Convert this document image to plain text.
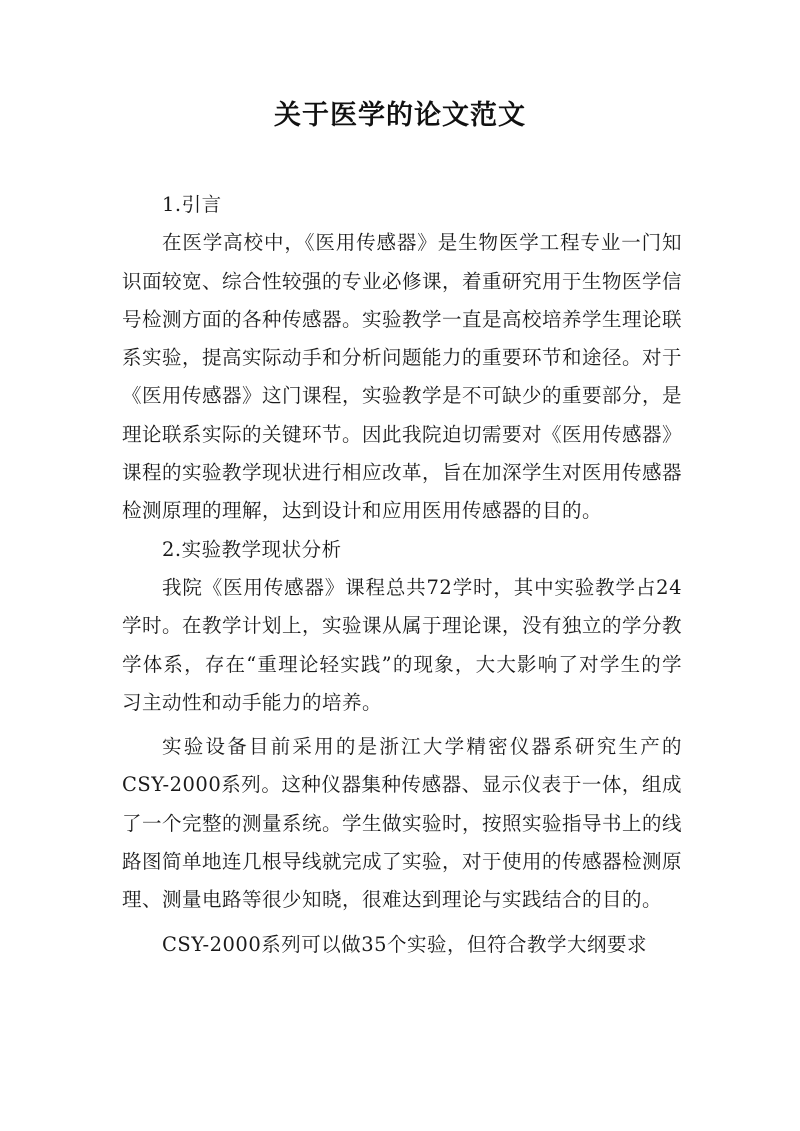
关于医学的论文范文

1.引言

在医学高校中，《医用传感器》是生物医学工程专业一门知识面较宽、综合性较强的专业必修课，着重研究用于生物医学信号检测方面的各种传感器。实验教学一直是高校培养学生理论联系实验，提高实际动手和分析问题能力的重要环节和途径。对于《医用传感器》这门课程，实验教学是不可缺少的重要部分，是理论联系实际的关键环节。因此我院迫切需要对《医用传感器》课程的实验教学现状进行相应改革，旨在加深学生对医用传感器检测原理的理解，达到设计和应用医用传感器的目的。

2.实验教学现状分析

我院《医用传感器》课程总共72学时，其中实验教学占24学时。在教学计划上，实验课从属于理论课，没有独立的学分教学体系，存在“重理论轻实践”的现象，大大影响了对学生的学习主动性和动手能力的培养。

实验设备目前采用的是浙江大学精密仪器系研究生产的CSY-2000系列。这种仪器集种传感器、显示仪表于一体，组成了一个完整的测量系统。学生做实验时，按照实验指导书上的线路图简单地连几根导线就完成了实验，对于使用的传感器检测原理、测量电路等很少知晓，很难达到理论与实践结合的目的。

CSY-2000系列可以做35个实验，但符合教学大纲要求
